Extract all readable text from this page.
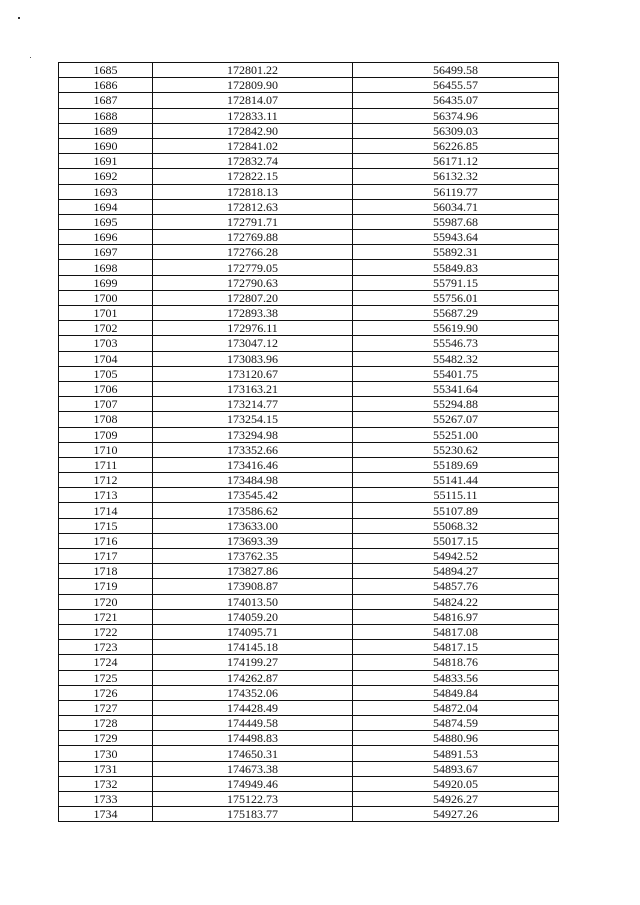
1685	172801.22	56499.58
1686	172809.90	56455.57
1687	172814.07	56435.07
1688	172833.11	56374.96
1689	172842.90	56309.03
1690	172841.02	56226.85
1691	172832.74	56171.12
1692	172822.15	56132.32
1693	172818.13	56119.77
1694	172812.63	56034.71
1695	172791.71	55987.68
1696	172769.88	55943.64
1697	172766.28	55892.31
1698	172779.05	55849.83
1699	172790.63	55791.15
1700	172807.20	55756.01
1701	172893.38	55687.29
1702	172976.11	55619.90
1703	173047.12	55546.73
1704	173083.96	55482.32
1705	173120.67	55401.75
1706	173163.21	55341.64
1707	173214.77	55294.88
1708	173254.15	55267.07
1709	173294.98	55251.00
1710	173352.66	55230.62
1711	173416.46	55189.69
1712	173484.98	55141.44
1713	173545.42	55115.11
1714	173586.62	55107.89
1715	173633.00	55068.32
1716	173693.39	55017.15
1717	173762.35	54942.52
1718	173827.86	54894.27
1719	173908.87	54857.76
1720	174013.50	54824.22
1721	174059.20	54816.97
1722	174095.71	54817.08
1723	174145.18	54817.15
1724	174199.27	54818.76
1725	174262.87	54833.56
1726	174352.06	54849.84
1727	174428.49	54872.04
1728	174449.58	54874.59
1729	174498.83	54880.96
1730	174650.31	54891.53
1731	174673.38	54893.67
1732	174949.46	54920.05
1733	175122.73	54926.27
1734	175183.77	54927.26
